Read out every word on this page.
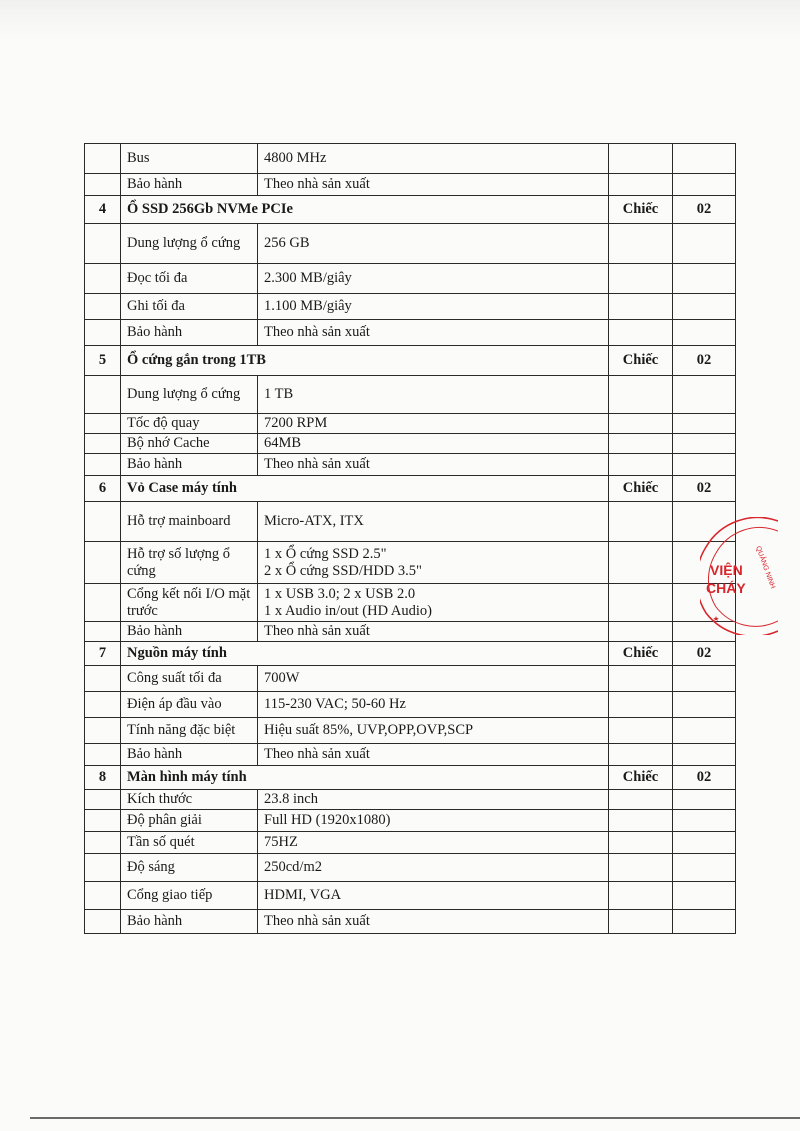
	Bus	4800 MHz		
	Bảo hành	Theo nhà sản xuất		
4	Ổ SSD 256Gb NVMe PCIe		Chiếc	02
	Dung lượng ổ cứng	256 GB		
	Đọc tối đa	2.300 MB/giây		
	Ghi tối đa	1.100 MB/giây		
	Bảo hành	Theo nhà sản xuất		
5	Ổ cứng gắn trong 1TB		Chiếc	02
	Dung lượng ổ cứng	1 TB		
	Tốc độ quay	7200 RPM		
	Bộ nhớ Cache	64MB		
	Bảo hành	Theo nhà sản xuất		
6	Vỏ Case máy tính		Chiếc	02
	Hỗ trợ mainboard	Micro-ATX, ITX		
	Hỗ trợ số lượng ổ cứng	1 x Ổ cứng SSD 2.5"
2 x Ổ cứng SSD/HDD 3.5"		
	Cổng kết nối I/O mặt trước	1 x USB 3.0; 2 x USB 2.0
1 x Audio in/out (HD Audio)		
	Bảo hành	Theo nhà sản xuất		
7	Nguồn máy tính		Chiếc	02
	Công suất tối đa	700W		
	Điện áp đầu vào	115-230 VAC; 50-60 Hz		
	Tính năng đặc biệt	Hiệu suất 85%, UVP,OPP,OVP,SCP		
	Bảo hành	Theo nhà sản xuất		
8	Màn hình máy tính		Chiếc	02
	Kích thước	23.8 inch		
	Độ phân giải	Full HD (1920x1080)		
	Tần số quét	75HZ		
	Độ sáng	250cd/m2		
	Cổng giao tiếp	HDMI, VGA		
	Bảo hành	Theo nhà sản xuất		
VIỆN
CHÁY QUẢNG NINH
